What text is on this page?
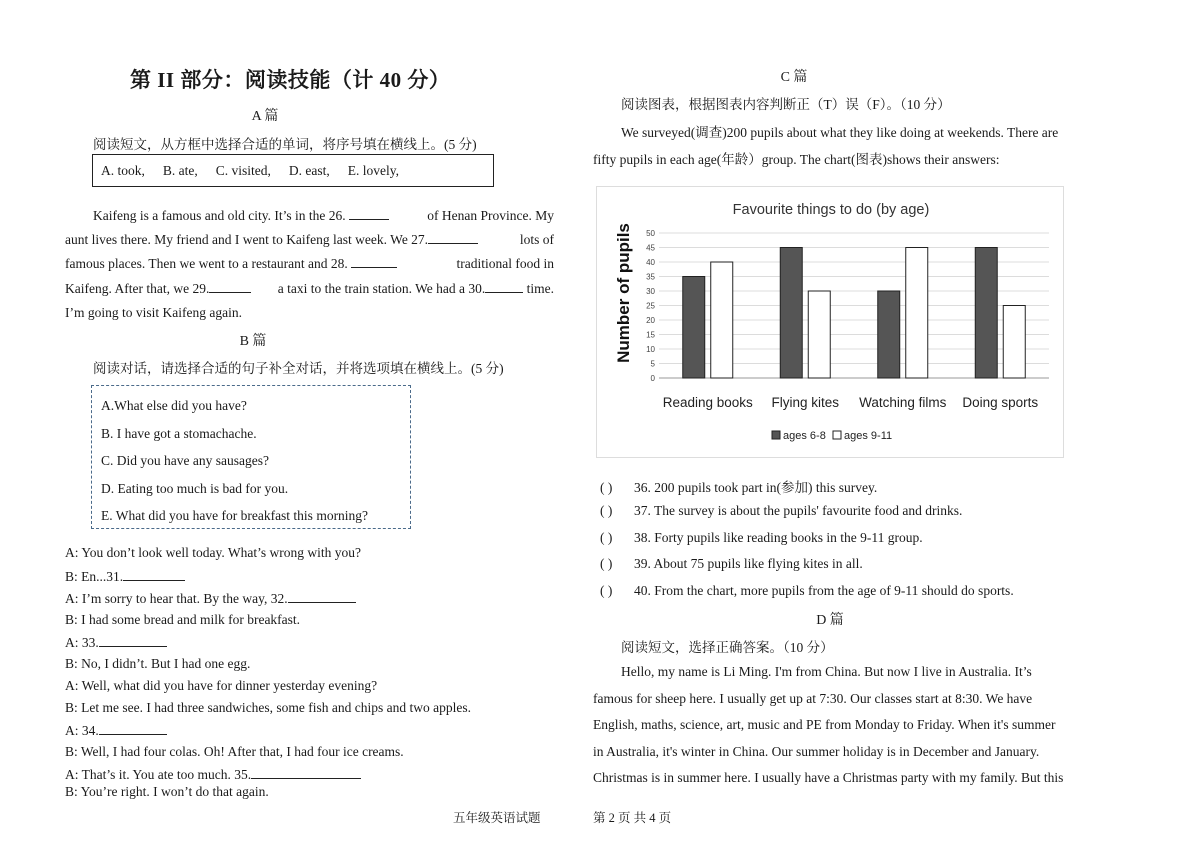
第 II 部分：阅读技能（计 40 分）
A 篇
阅读短文，从方框中选择合适的单词，将序号填在横线上。(5 分)
A. took, B. ate, C. visited, D. east, E. lovely,
Kaifeng is a famous and old city. It’s in the 26.	of Henan Province. My
aunt lives there. My friend and I went to Kaifeng last week. We 27.	lots of
famous places. Then we went to a restaurant and 28.	traditional food in
Kaifeng. After that, we 29.	a taxi to the train station. We had a 30.	time.
I’m going to visit Kaifeng again.
B 篇
阅读对话，请选择合适的句子补全对话，并将选项填在横线上。(5 分)
A.What else did you have?
B. I have got a stomachache.
C. Did you have any sausages?
D. Eating too much is bad for you.
E. What did you have for breakfast this morning?
A: You don’t look well today. What’s wrong with you?
B: En...31.
A: I’m sorry to hear that. By the way, 32.
B: I had some bread and milk for breakfast.
A: 33.
B: No, I didn’t. But I had one egg.
A: Well, what did you have for dinner yesterday evening?
B: Let me see. I had three sandwiches, some fish and chips and two apples.
A: 34.
B: Well, I had four colas. Oh! After that, I had four ice creams.
A: That’s it. You ate too much. 35.
B: You’re right. I won’t do that again.
C 篇
阅读图表，根据图表内容判断正（T）误（F）。（10 分）
We surveyed(调查)200 pupils about what they like doing at weekends. There are
fifty pupils in each age(年龄）group. The chart(图表)shows their answers:
Favourite things to do (by age)
Number of pupils
0
5
10
15
20
25
30
35
40
45
50
Reading books Flying kites Watching films Doing sports
ages 6-8 ages 9-11
( ) 36. 200 pupils took part in(参加) this survey.
( ) 37. The survey is about the pupils' favourite food and drinks.
( ) 38. Forty pupils like reading books in the 9-11 group.
( ) 39. About 75 pupils like flying kites in all.
( ) 40. From the chart, more pupils from the age of 9-11 should do sports.
D 篇
阅读短文，选择正确答案。（10 分）
Hello, my name is Li Ming. I'm from China. But now I live in Australia. It’s
famous for sheep here. I usually get up at 7:30. Our classes start at 8:30. We have
English, maths, science, art, music and PE from Monday to Friday. When it's summer
in Australia, it's winter in China. Our summer holiday is in December and January.
Christmas is in summer here. I usually have a Christmas party with my family. But this
五年级英语试题	第 2 页 共 4 页
